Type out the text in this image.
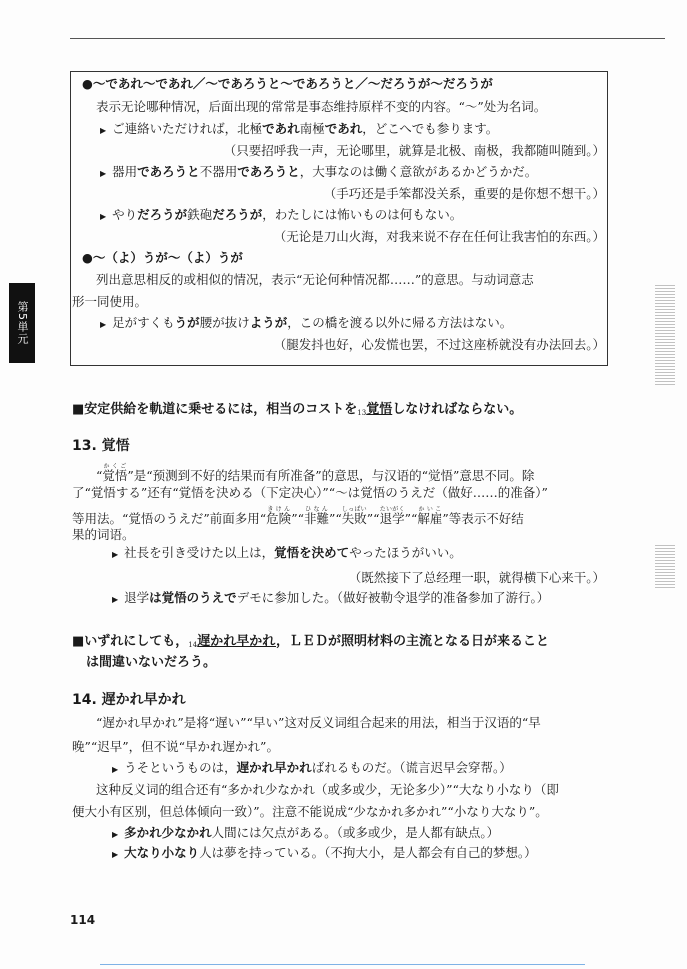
第5単元
●～であれ～であれ／～であろうと～であろうと／～だろうが～だろうが
表示无论哪种情况，后面出现的常常是事态维持原样不变的内容。“～”处为名词。
▶ ご連絡いただければ，北極であれ南極であれ，どこへでも参ります。
（只要招呼我一声，无论哪里，就算是北极、南极，我都随叫随到。）
▶ 器用であろうと不器用であろうと，大事なのは働く意欲があるかどうかだ。
（手巧还是手笨都没关系，重要的是你想不想干。）
▶ やりだろうが鉄砲だろうが，わたしには怖いものは何もない。
（无论是刀山火海，对我来说不存在任何让我害怕的东西。）
●～（よ）うが～（よ）うが
列出意思相反的或相似的情况，表示“无论何种情况都……”的意思。与动词意志
形一同使用。
▶ 足がすくもうが腰が抜けようが，この橋を渡る以外に帰る方法はない。
（腿发抖也好，心发慌也罢，不过这座桥就没有办法回去。）
■安定供給を軌道に乗せるには，相当のコストを$_{13}$覚悟しなければならない。
13. 覚悟
“覚悟かくご”是“预测到不好的结果而有所准备”的意思，与汉语的“觉悟”意思不同。除
了“覚悟する”还有“覚悟を決める（下定决心）”“～は覚悟のうえだ（做好……的准备）”
等用法。“覚悟のうえだ”前面多用“危険きけん”“非難ひなん”“失敗しっぱい”“退学たいがく”“解雇かいこ”等表示不好结
果的词语。
▶ 社長を引き受けた以上は，覚悟を決めてやったほうがいい。
（既然接下了总经理一职，就得横下心来干。）
▶ 退学は覚悟のうえでデモに参加した。（做好被勒令退学的准备参加了游行。）
■いずれにしても，$_{14}$遅かれ早かれ，ＬＥＤが照明材料の主流となる日が来ること
は間違いないだろう。
14. 遅かれ早かれ
“遅かれ早かれ”是将“遅い”“早い”这对反义词组合起来的用法，相当于汉语的“早
晚”“迟早”，但不说“早かれ遅かれ”。
▶ うそというものは，遅かれ早かればれるものだ。（谎言迟早会穿帮。）
这种反义词的组合还有“多かれ少なかれ（或多或少，无论多少）”“大なり小なり（即
便大小有区别，但总体倾向一致）”。注意不能说成“少なかれ多かれ”“小なり大なり”。
▶ 多かれ少なかれ人間には欠点がある。（或多或少，是人都有缺点。）
▶ 大なり小なり人は夢を持っている。（不拘大小，是人都会有自己的梦想。）
114
